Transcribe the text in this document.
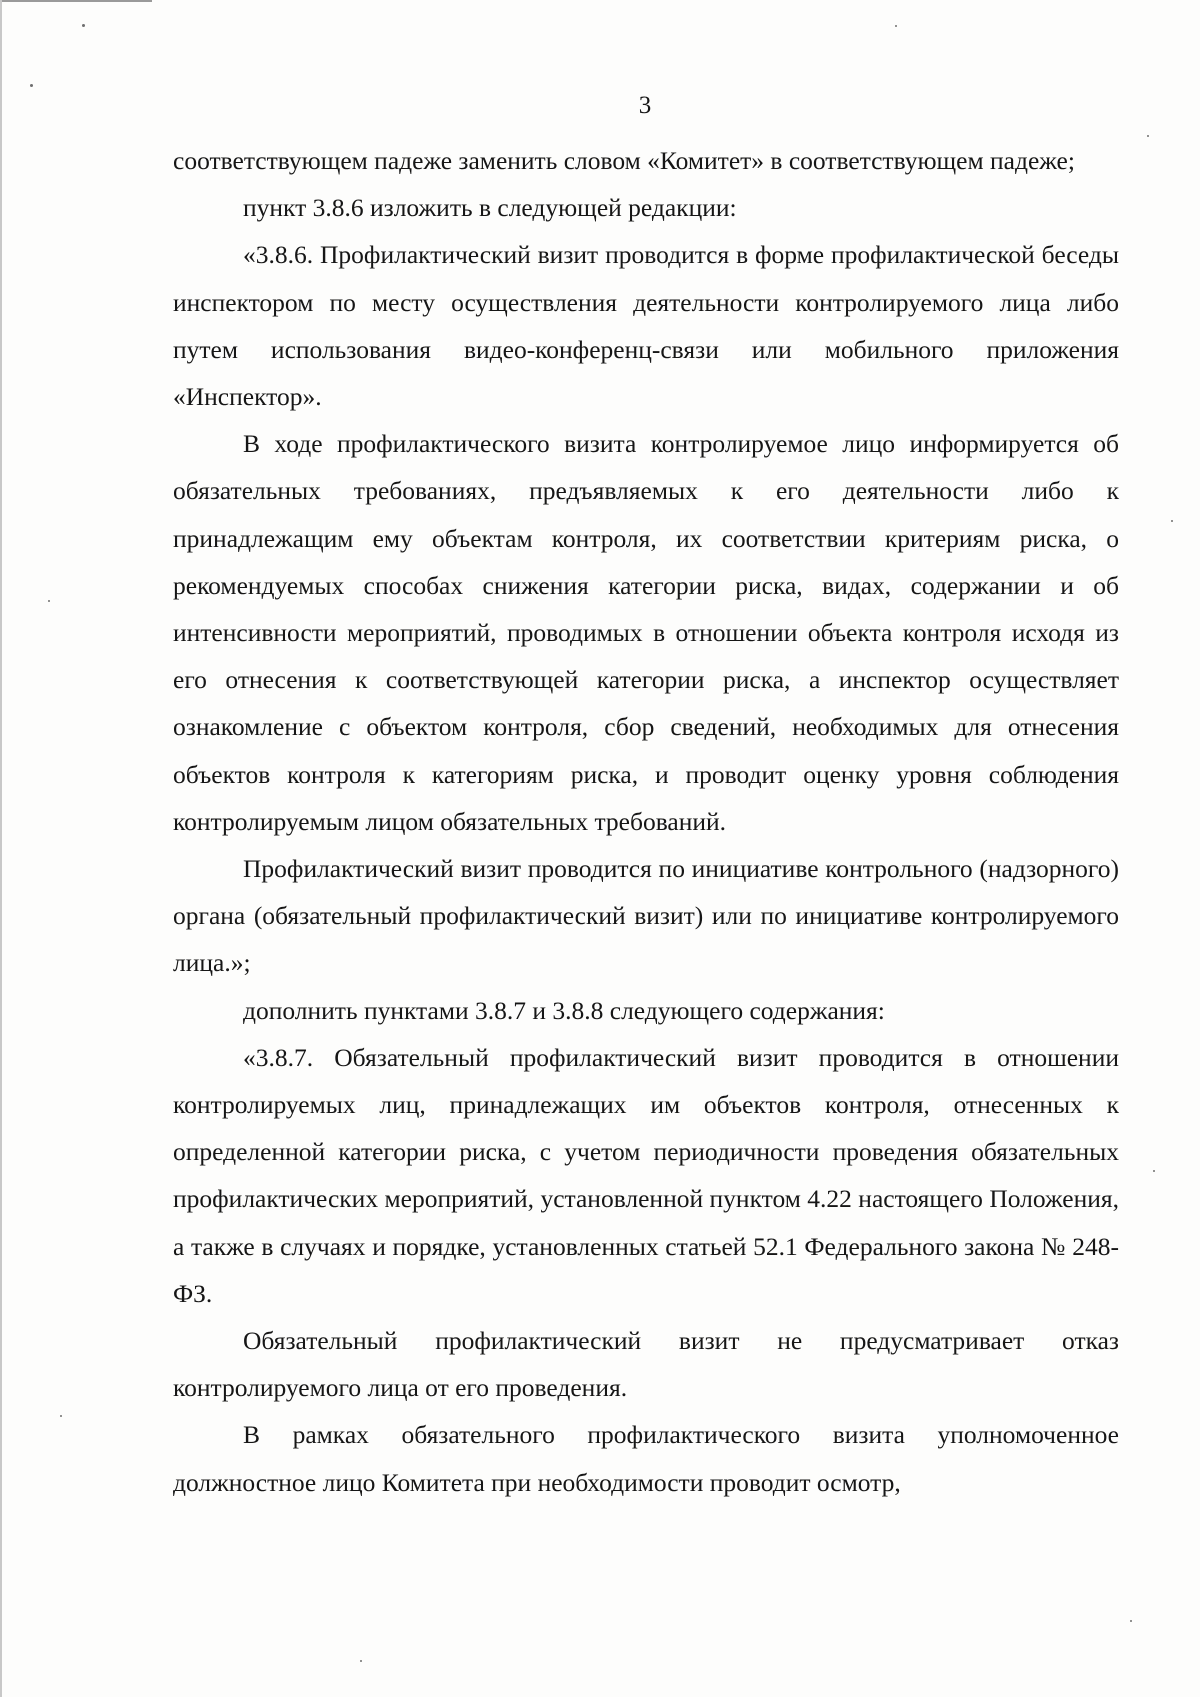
3

соответствующем падеже заменить словом «Комитет» в соответствующем падеже;

пункт 3.8.6 изложить в следующей редакции:

«3.8.6. Профилактический визит проводится в форме профилактической беседы инспектором по месту осуществления деятельности контролируемого лица либо путем использования видео-конференц-связи или мобильного приложения «Инспектор».

В ходе профилактического визита контролируемое лицо информируется об обязательных требованиях, предъявляемых к его деятельности либо к принадлежащим ему объектам контроля, их соответствии критериям риска, о рекомендуемых способах снижения категории риска, видах, содержании и об интенсивности мероприятий, проводимых в отношении объекта контроля исходя из его отнесения к соответствующей категории риска, а инспектор осуществляет ознакомление с объектом контроля, сбор сведений, необходимых для отнесения объектов контроля к категориям риска, и проводит оценку уровня соблюдения контролируемым лицом обязательных требований.

Профилактический визит проводится по инициативе контрольного (надзорного) органа (обязательный профилактический визит) или по инициативе контролируемого лица.»;

дополнить пунктами 3.8.7 и 3.8.8 следующего содержания:

«3.8.7. Обязательный профилактический визит проводится в отношении контролируемых лиц, принадлежащих им объектов контроля, отнесенных к определенной категории риска, с учетом периодичности проведения обязательных профилактических мероприятий, установленной пунктом 4.22 настоящего Положения, а также в случаях и порядке, установленных статьей 52.1 Федерального закона № 248-ФЗ.

Обязательный профилактический визит не предусматривает отказ контролируемого лица от его проведения.

В рамках обязательного профилактического визита уполномоченное должностное лицо Комитета при необходимости проводит осмотр,
